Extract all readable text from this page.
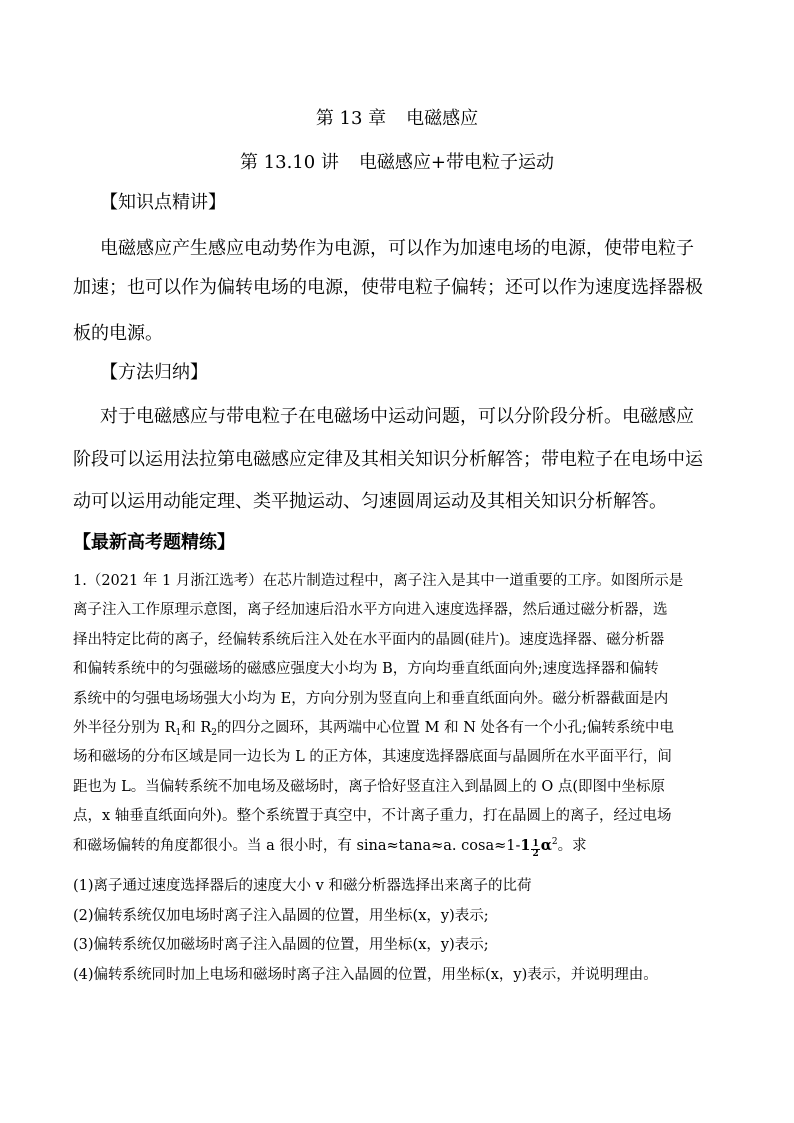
第 13 章 电磁感应
第 13.10 讲 电磁感应+带电粒子运动
【知识点精讲】
电磁感应产生感应电动势作为电源，可以作为加速电场的电源，使带电粒子
加速；也可以作为偏转电场的电源，使带电粒子偏转；还可以作为速度选择器极
板的电源。
【方法归纳】
对于电磁感应与带电粒子在电磁场中运动问题，可以分阶段分析。电磁感应
阶段可以运用法拉第电磁感应定律及其相关知识分析解答；带电粒子在电场中运
动可以运用动能定理、类平抛运动、匀速圆周运动及其相关知识分析解答。
【最新高考题精练】
1.（2021 年 1 月浙江选考）在芯片制造过程中，离子注入是其中一道重要的工序。如图所示是
离子注入工作原理示意图，离子经加速后沿水平方向进入速度选择器，然后通过磁分析器，选
择出特定比荷的离子，经偏转系统后注入处在水平面内的晶圆(硅片)。速度选择器、磁分析器
和偏转系统中的匀强磁场的磁感应强度大小均为 B，方向均垂直纸面向外;速度选择器和偏转
系统中的匀强电场场强大小均为 E，方向分别为竖直向上和垂直纸面向外。磁分析器截面是内
外半径分别为 $R_1$和 $R_2$的四分之圆环，其两端中心位置 M 和 N 处各有一个小孔;偏转系统中电
场和磁场的分布区域是同一边长为 L 的正方体，其速度选择器底面与晶圆所在水平面平行，间
距也为 L。当偏转系统不加电场及磁场时，离子恰好竖直注入到晶圆上的 O 点(即图中坐标原
点，x 轴垂直纸面向外)。整个系统置于真空中，不计离子重力，打在晶圆上的离子，经过电场
和磁场偏转的角度都很小。当 a 很小时，有 sina≈tana≈a. $\cos a\approx 1-1 \frac{1}{2} \alpha^2$。求
(1)离子通过速度选择器后的速度大小 v 和磁分析器选择出来离子的比荷
(2)偏转系统仅加电场时离子注入晶圆的位置，用坐标(x，y)表示;
(3)偏转系统仅加磁场时离子注入晶圆的位置，用坐标(x，y)表示;
(4)偏转系统同时加上电场和磁场时离子注入晶圆的位置，用坐标(x，y)表示，并说明理由。
